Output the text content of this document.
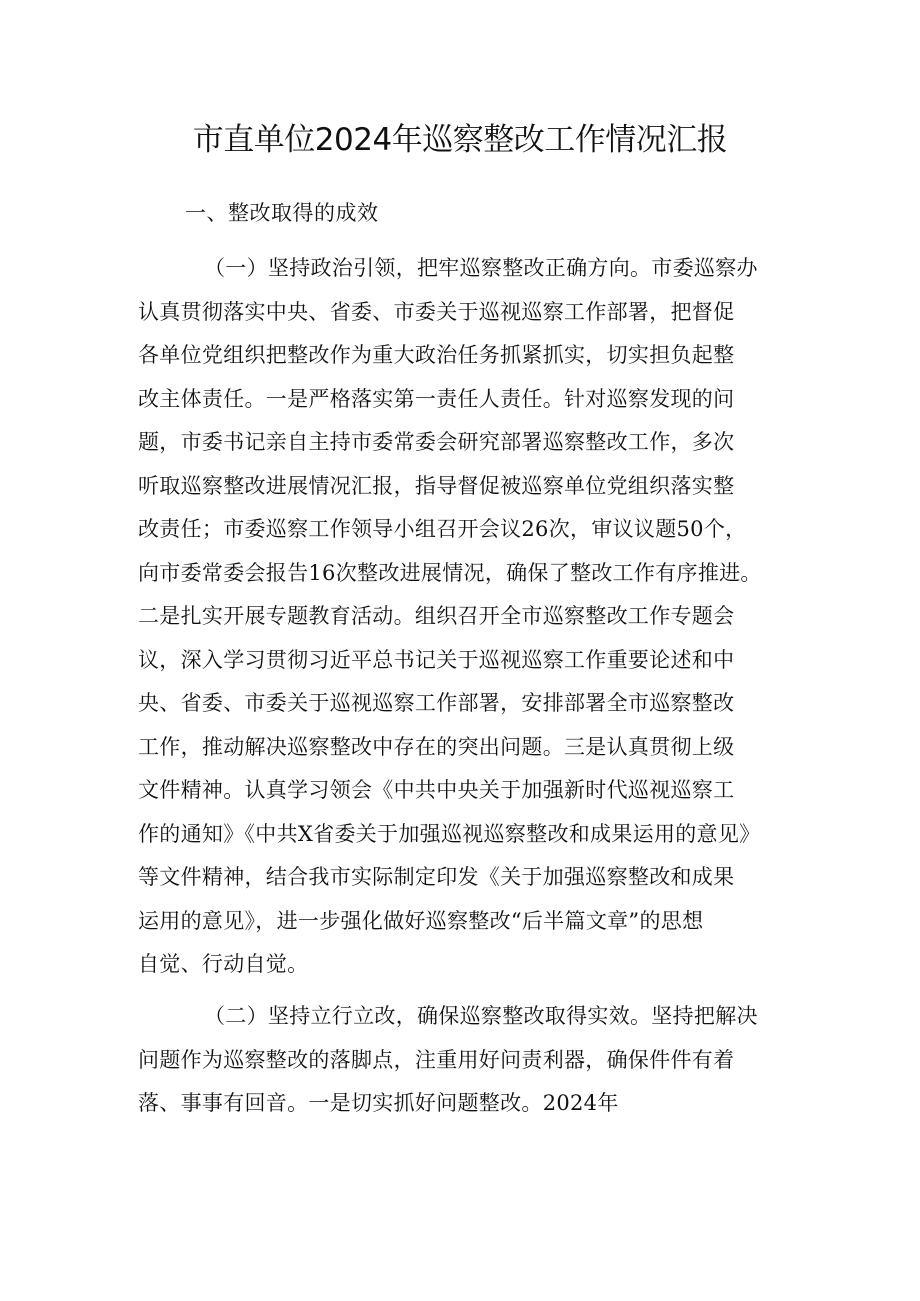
市直单位2024年巡察整改工作情况汇报

一、整改取得的成效

（一）坚持政治引领，把牢巡察整改正确方向。市委巡察办
认真贯彻落实中央、省委、市委关于巡视巡察工作部署，把督促
各单位党组织把整改作为重大政治任务抓紧抓实，切实担负起整
改主体责任。一是严格落实第一责任人责任。针对巡察发现的问
题，市委书记亲自主持市委常委会研究部署巡察整改工作，多次
听取巡察整改进展情况汇报，指导督促被巡察单位党组织落实整
改责任；市委巡察工作领导小组召开会议26次，审议议题50个，
向市委常委会报告16次整改进展情况，确保了整改工作有序推进。
二是扎实开展专题教育活动。组织召开全市巡察整改工作专题会
议，深入学习贯彻习近平总书记关于巡视巡察工作重要论述和中
央、省委、市委关于巡视巡察工作部署，安排部署全市巡察整改
工作，推动解决巡察整改中存在的突出问题。三是认真贯彻上级
文件精神。认真学习领会《中共中央关于加强新时代巡视巡察工
作的通知》《中共X省委关于加强巡视巡察整改和成果运用的意见》
等文件精神，结合我市实际制定印发《关于加强巡察整改和成果
运用的意见》，进一步强化做好巡察整改“后半篇文章”的思想
自觉、行动自觉。
（二）坚持立行立改，确保巡察整改取得实效。坚持把解决
问题作为巡察整改的落脚点，注重用好问责利器，确保件件有着
落、事事有回音。一是切实抓好问题整改。2024年
